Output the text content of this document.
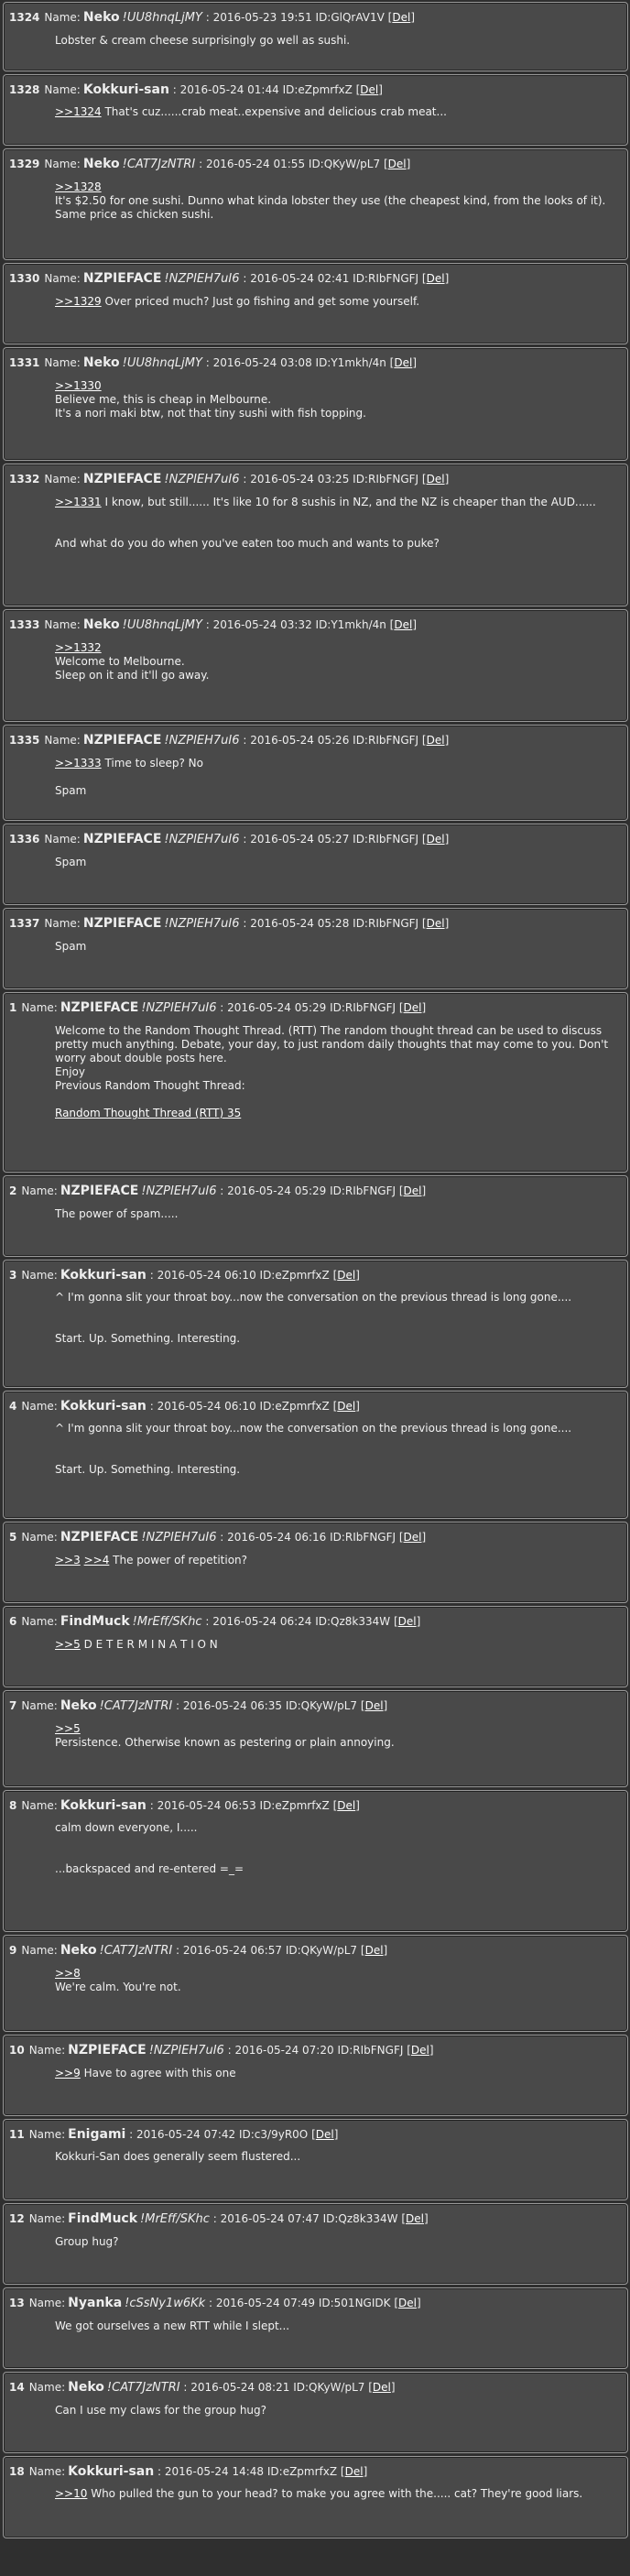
1324 Name: Neko !UU8hnqLjMY : 2016-05-23 19:51 ID:GlQrAV1V [Del]
Lobster & cream cheese surprisingly go well as sushi.
1328 Name: Kokkuri-san : 2016-05-24 01:44 ID:eZpmrfxZ [Del]
>>1324 That's cuz......crab meat..expensive and delicious crab meat...
1329 Name: Neko !CAT7JzNTRI : 2016-05-24 01:55 ID:QKyW/pL7 [Del]
>>1328
It's $2.50 for one sushi. Dunno what kinda lobster they use (the cheapest kind, from the looks of it). Same price as chicken sushi.
1330 Name: NZPIEFACE !NZPIEH7uI6 : 2016-05-24 02:41 ID:RIbFNGFJ [Del]
>>1329 Over priced much? Just go fishing and get some yourself.
1331 Name: Neko !UU8hnqLjMY : 2016-05-24 03:08 ID:Y1mkh/4n [Del]
>>1330
Believe me, this is cheap in Melbourne.
It's a nori maki btw, not that tiny sushi with fish topping.
1332 Name: NZPIEFACE !NZPIEH7uI6 : 2016-05-24 03:25 ID:RIbFNGFJ [Del]
>>1331 I know, but still...... It's like 10 for 8 sushis in NZ, and the NZ is cheaper than the AUD......
And what do you do when you've eaten too much and wants to puke?
1333 Name: Neko !UU8hnqLjMY : 2016-05-24 03:32 ID:Y1mkh/4n [Del]
>>1332
Welcome to Melbourne.
Sleep on it and it'll go away.
1335 Name: NZPIEFACE !NZPIEH7uI6 : 2016-05-24 05:26 ID:RIbFNGFJ [Del]
>>1333 Time to sleep? No
Spam
1336 Name: NZPIEFACE !NZPIEH7uI6 : 2016-05-24 05:27 ID:RIbFNGFJ [Del]
Spam
1337 Name: NZPIEFACE !NZPIEH7uI6 : 2016-05-24 05:28 ID:RIbFNGFJ [Del]
Spam
1 Name: NZPIEFACE !NZPIEH7uI6 : 2016-05-24 05:29 ID:RIbFNGFJ [Del]
Welcome to the Random Thought Thread. (RTT) The random thought thread can be used to discuss pretty much anything. Debate, your day, to just random daily thoughts that may come to you. Don't worry about double posts here.
Enjoy
Previous Random Thought Thread:
Random Thought Thread (RTT) 35
2 Name: NZPIEFACE !NZPIEH7uI6 : 2016-05-24 05:29 ID:RIbFNGFJ [Del]
The power of spam.....
3 Name: Kokkuri-san : 2016-05-24 06:10 ID:eZpmrfxZ [Del]
^ I'm gonna slit your throat boy...now the conversation on the previous thread is long gone....
Start. Up. Something. Interesting.
4 Name: Kokkuri-san : 2016-05-24 06:10 ID:eZpmrfxZ [Del]
^ I'm gonna slit your throat boy...now the conversation on the previous thread is long gone....
Start. Up. Something. Interesting.
5 Name: NZPIEFACE !NZPIEH7uI6 : 2016-05-24 06:16 ID:RIbFNGFJ [Del]
>>3 >>4 The power of repetition?
6 Name: FindMuck !MrEff/SKhc : 2016-05-24 06:24 ID:Qz8k334W [Del]
>>5 D E T E R M I N A T I O N
7 Name: Neko !CAT7JzNTRI : 2016-05-24 06:35 ID:QKyW/pL7 [Del]
>>5
Persistence. Otherwise known as pestering or plain annoying.
8 Name: Kokkuri-san : 2016-05-24 06:53 ID:eZpmrfxZ [Del]
calm down everyone, I.....
...backspaced and re-entered =_=
9 Name: Neko !CAT7JzNTRI : 2016-05-24 06:57 ID:QKyW/pL7 [Del]
>>8
We're calm. You're not.
10 Name: NZPIEFACE !NZPIEH7uI6 : 2016-05-24 07:20 ID:RIbFNGFJ [Del]
>>9 Have to agree with this one
11 Name: Enigami : 2016-05-24 07:42 ID:c3/9yR0O [Del]
Kokkuri-San does generally seem flustered...
12 Name: FindMuck !MrEff/SKhc : 2016-05-24 07:47 ID:Qz8k334W [Del]
Group hug?
13 Name: Nyanka !cSsNy1w6Kk : 2016-05-24 07:49 ID:501NGIDK [Del]
We got ourselves a new RTT while I slept...
14 Name: Neko !CAT7JzNTRI : 2016-05-24 08:21 ID:QKyW/pL7 [Del]
Can I use my claws for the group hug?
18 Name: Kokkuri-san : 2016-05-24 14:48 ID:eZpmrfxZ [Del]
>>10 Who pulled the gun to your head? to make you agree with the..... cat? They're good liars.
